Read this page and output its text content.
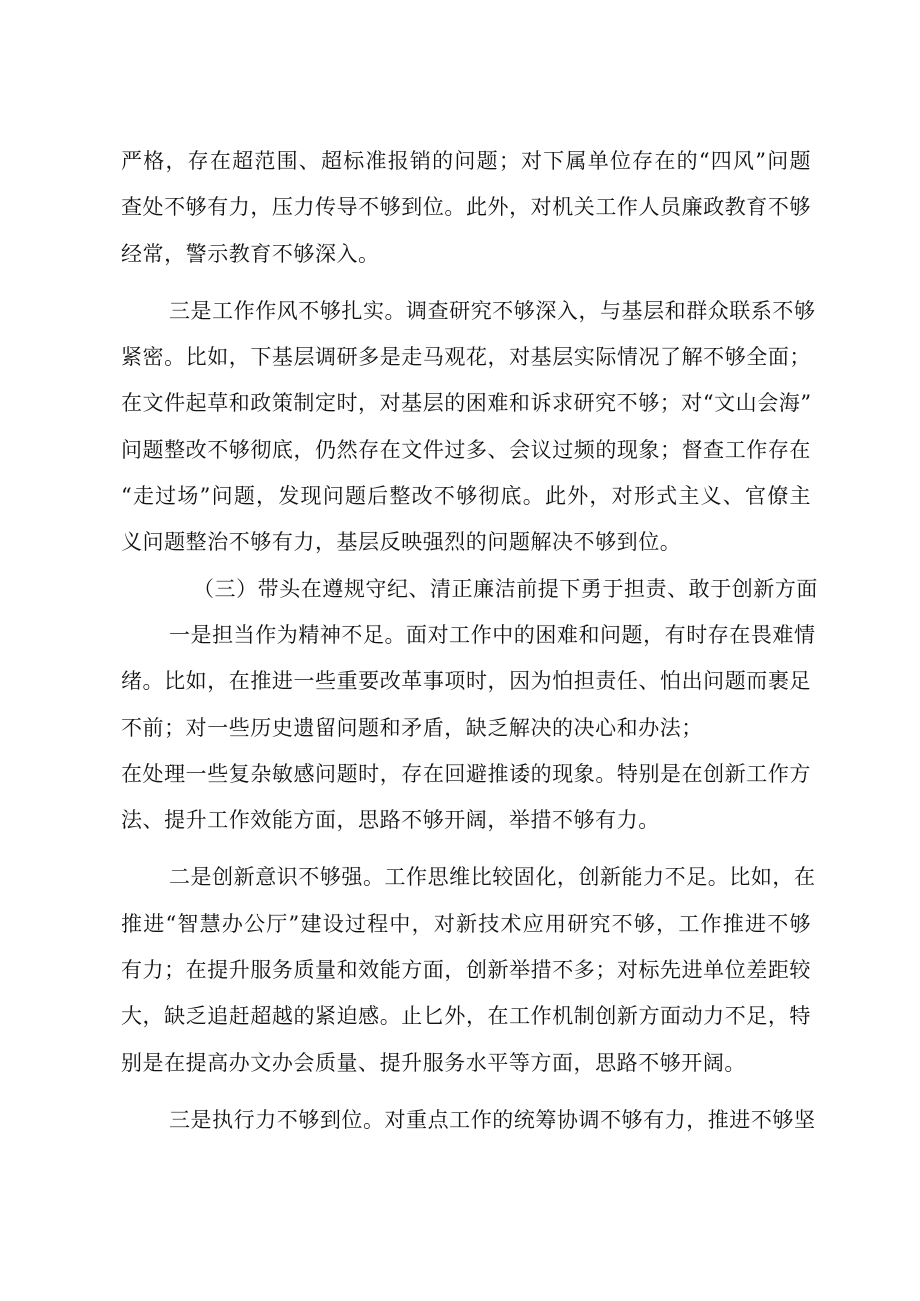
严格，存在超范围、超标准报销的问题；对下属单位存在的“四风”问题
查处不够有力，压力传导不够到位。此外，对机关工作人员廉政教育不够
经常，警示教育不够深入。
三是工作作风不够扎实。调查研究不够深入，与基层和群众联系不够
紧密。比如，下基层调研多是走马观花，对基层实际情况了解不够全面；
在文件起草和政策制定时，对基层的困难和诉求研究不够；对“文山会海”
问题整改不够彻底，仍然存在文件过多、会议过频的现象；督查工作存在
“走过场”问题，发现问题后整改不够彻底。此外，对形式主义、官僚主
义问题整治不够有力，基层反映强烈的问题解决不够到位。
（三）带头在遵规守纪、清正廉洁前提下勇于担责、敢于创新方面
一是担当作为精神不足。面对工作中的困难和问题，有时存在畏难情
绪。比如，在推进一些重要改革事项时，因为怕担责任、怕出问题而裹足
不前；对一些历史遗留问题和矛盾，缺乏解决的决心和办法；
在处理一些复杂敏感问题时，存在回避推诿的现象。特别是在创新工作方
法、提升工作效能方面，思路不够开阔，举措不够有力。
二是创新意识不够强。工作思维比较固化，创新能力不足。比如，在
推进“智慧办公厅”建设过程中，对新技术应用研究不够，工作推进不够
有力；在提升服务质量和效能方面，创新举措不多；对标先进单位差距较
大，缺乏追赶超越的紧迫感。止匕外，在工作机制创新方面动力不足，特
别是在提高办文办会质量、提升服务水平等方面，思路不够开阔。
三是执行力不够到位。对重点工作的统筹协调不够有力，推进不够坚
